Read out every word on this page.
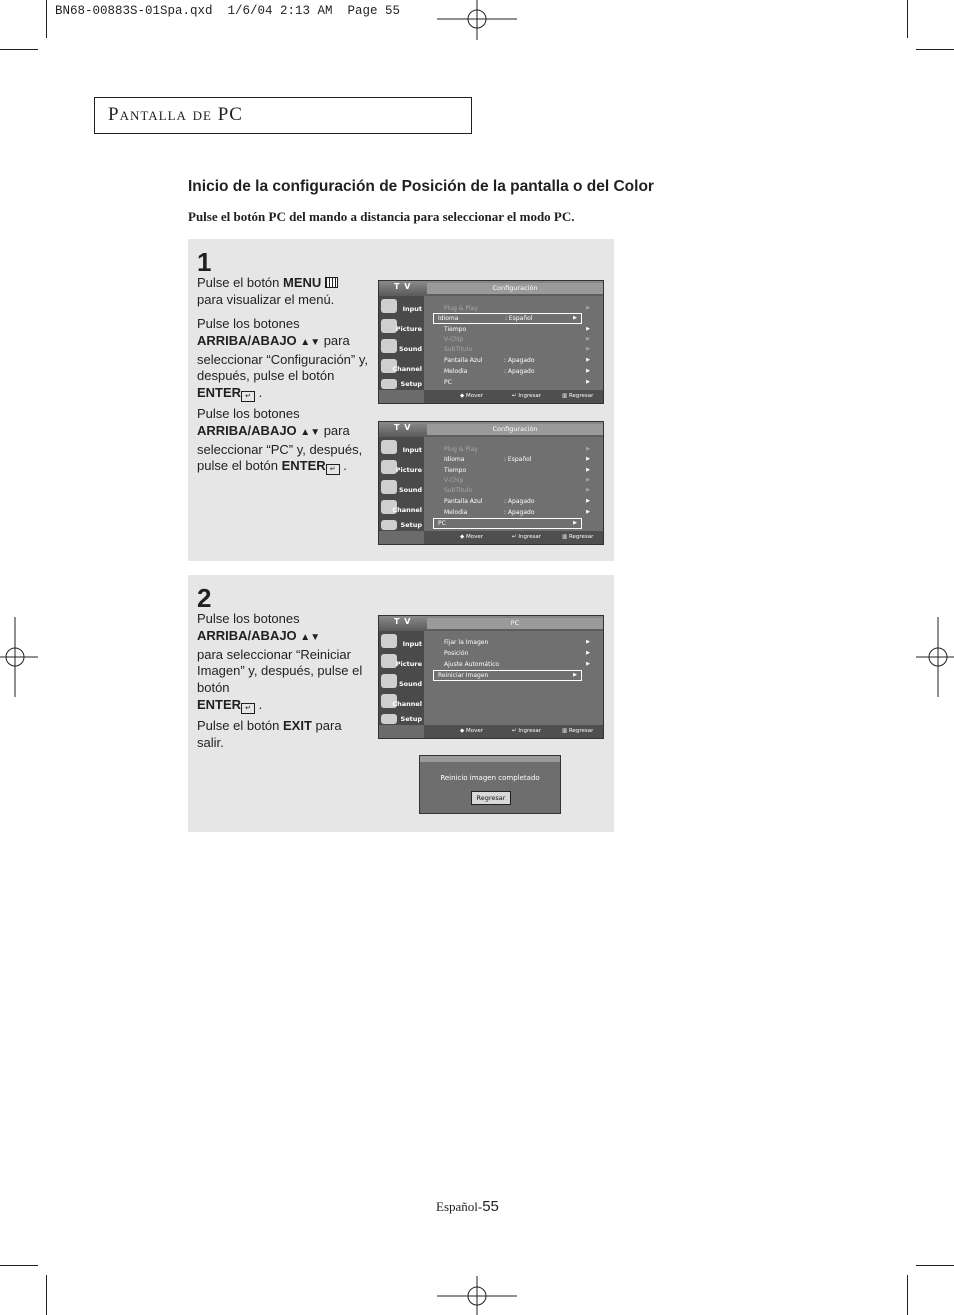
BN68-00883S-01Spa.qxd  1/6/04 2:13 AM  Page 55
Pantalla de PC
Inicio de la configuración de Posición de la pantalla o del Color
Pulse el botón PC del mando a distancia para seleccionar el modo PC.
1
Pulse el botón MENU
para visualizar el menú.
Pulse los botones
ARRIBA/ABAJO ▲▼ para seleccionar “Configuración” y, después, pulse el botón
ENTER ↵ .
Pulse los botones
ARRIBA/ABAJO ▲▼ para seleccionar “PC” y, después, pulse el botón ENTER ↵ .
T V	Configuración
Input
Picture
Sound
Channel
Setup
Plug & Play	▶
Idioma	: Español	▶
Tiempo	▶
V-Chip	▶
SubTitulo	▶
Pantalla Azul	: Apagado	▶
Melodia	: Apagado	▶
PC	▶
◆ Mover	↵ Ingresar	▥ Regresar
T V	Configuración
Input
Picture
Sound
Channel
Setup
Plug & Play	▶
Idioma	: Español	▶
Tiempo	▶
V-Chip	▶
SubTitulo	▶
Pantalla Azul	: Apagado	▶
Melodia	: Apagado	▶
PC	▶
◆ Mover	↵ Ingresar	▥ Regresar
2
Pulse los botones
ARRIBA/ABAJO ▲▼
para seleccionar “Reiniciar Imagen” y, después, pulse el botón
ENTER ↵ .
Pulse el botón EXIT para salir.
T V	PC
Input
Picture
Sound
Channel
Setup
Fijar la Imagen	▶
Posición	▶
Ajuste Automático	▶
Reiniciar Imagen	▶
◆ Mover	↵ Ingresar	▥ Regresar
Reinicio imagen completado
Regresar
Español-55
